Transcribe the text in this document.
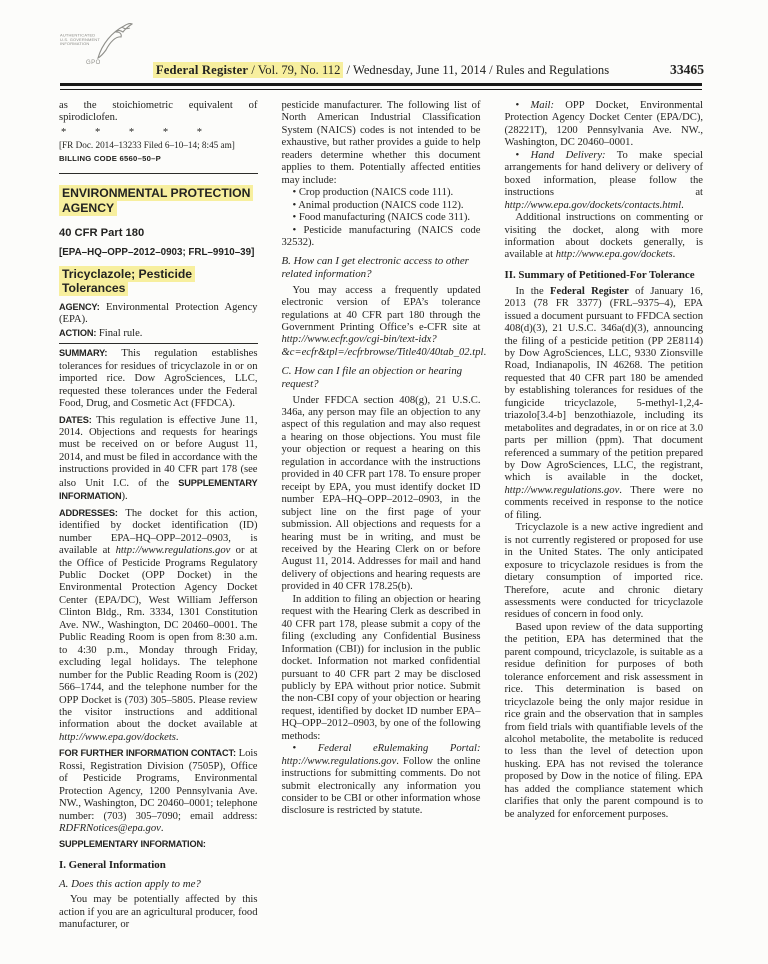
AUTHENTICATED
U.S. GOVERNMENT
INFORMATION
GPO	Federal Register / Vol. 79, No. 112 / Wednesday, June 11, 2014 / Rules and Regulations	33465

as the stoichiometric equivalent of spirodiclofen.

* * * * *

[FR Doc. 2014–13233 Filed 6–10–14; 8:45 am]

BILLING CODE 6560–50–P

ENVIRONMENTAL PROTECTION AGENCY
40 CFR Part 180

[EPA–HQ–OPP–2012–0903; FRL–9910–39]

Tricyclazole; Pesticide Tolerances

AGENCY: Environmental Protection Agency (EPA).

ACTION: Final rule.

SUMMARY: This regulation establishes tolerances for residues of tricyclazole in or on imported rice. Dow AgroSciences, LLC, requested these tolerances under the Federal Food, Drug, and Cosmetic Act (FFDCA).

DATES: This regulation is effective June 11, 2014. Objections and requests for hearings must be received on or before August 11, 2014, and must be filed in accordance with the instructions provided in 40 CFR part 178 (see also Unit I.C. of the SUPPLEMENTARY INFORMATION).

ADDRESSES: The docket for this action, identified by docket identification (ID) number EPA–HQ–OPP–2012–0903, is available at http://www.regulations.gov or at the Office of Pesticide Programs Regulatory Public Docket (OPP Docket) in the Environmental Protection Agency Docket Center (EPA/DC), West William Jefferson Clinton Bldg., Rm. 3334, 1301 Constitution Ave. NW., Washington, DC 20460–0001. The Public Reading Room is open from 8:30 a.m. to 4:30 p.m., Monday through Friday, excluding legal holidays. The telephone number for the Public Reading Room is (202) 566–1744, and the telephone number for the OPP Docket is (703) 305–5805. Please review the visitor instructions and additional information about the docket available at http://www.epa.gov/dockets.

FOR FURTHER INFORMATION CONTACT: Lois Rossi, Registration Division (7505P), Office of Pesticide Programs, Environmental Protection Agency, 1200 Pennsylvania Ave. NW., Washington, DC 20460–0001; telephone number: (703) 305–7090; email address: RDFRNotices@epa.gov.

SUPPLEMENTARY INFORMATION:

I. General Information
A. Does this action apply to me?

You may be potentially affected by this action if you are an agricultural producer, food manufacturer, or

pesticide manufacturer. The following list of North American Industrial Classification System (NAICS) codes is not intended to be exhaustive, but rather provides a guide to help readers determine whether this document applies to them. Potentially affected entities may include:

• Crop production (NAICS code 111).

• Animal production (NAICS code 112).

• Food manufacturing (NAICS code 311).

• Pesticide manufacturing (NAICS code 32532).

B. How can I get electronic access to other related information?

You may access a frequently updated electronic version of EPA’s tolerance regulations at 40 CFR part 180 through the Government Printing Office’s e-CFR site at http://www.ecfr.gov/cgi-bin/text-idx?&c=ecfr&tpl=/ecfrbrowse/Title40/40tab_02.tpl.

C. How can I file an objection or hearing request?

Under FFDCA section 408(g), 21 U.S.C. 346a, any person may file an objection to any aspect of this regulation and may also request a hearing on those objections. You must file your objection or request a hearing on this regulation in accordance with the instructions provided in 40 CFR part 178. To ensure proper receipt by EPA, you must identify docket ID number EPA–HQ–OPP–2012–0903, in the subject line on the first page of your submission. All objections and requests for a hearing must be in writing, and must be received by the Hearing Clerk on or before August 11, 2014. Addresses for mail and hand delivery of objections and hearing requests are provided in 40 CFR 178.25(b).

In addition to filing an objection or hearing request with the Hearing Clerk as described in 40 CFR part 178, please submit a copy of the filing (excluding any Confidential Business Information (CBI)) for inclusion in the public docket. Information not marked confidential pursuant to 40 CFR part 2 may be disclosed publicly by EPA without prior notice. Submit the non-CBI copy of your objection or hearing request, identified by docket ID number EPA–HQ–OPP–2012–0903, by one of the following methods:

• Federal eRulemaking Portal: http://www.regulations.gov. Follow the online instructions for submitting comments. Do not submit electronically any information you consider to be CBI or other information whose disclosure is restricted by statute.

• Mail: OPP Docket, Environmental Protection Agency Docket Center (EPA/DC), (28221T), 1200 Pennsylvania Ave. NW., Washington, DC 20460–0001.

• Hand Delivery: To make special arrangements for hand delivery or delivery of boxed information, please follow the instructions at http://www.epa.gov/dockets/contacts.html.

Additional instructions on commenting or visiting the docket, along with more information about dockets generally, is available at http://www.epa.gov/dockets.

II. Summary of Petitioned-For Tolerance

In the Federal Register of January 16, 2013 (78 FR 3377) (FRL–9375–4), EPA issued a document pursuant to FFDCA section 408(d)(3), 21 U.S.C. 346a(d)(3), announcing the filing of a pesticide petition (PP 2E8114) by Dow AgroSciences, LLC, 9330 Zionsville Road, Indianapolis, IN 46268. The petition requested that 40 CFR part 180 be amended by establishing tolerances for residues of the fungicide tricyclazole, 5-methyl-1,2,4-triazolo[3.4-b] benzothiazole, including its metabolites and degradates, in or on rice at 3.0 parts per million (ppm). That document referenced a summary of the petition prepared by Dow AgroSciences, LLC, the registrant, which is available in the docket, http://www.regulations.gov. There were no comments received in response to the notice of filing.

Tricyclazole is a new active ingredient and is not currently registered or proposed for use in the United States. The only anticipated exposure to tricyclazole residues is from the dietary consumption of imported rice. Therefore, acute and chronic dietary assessments were conducted for tricyclazole residues of concern in food only.

Based upon review of the data supporting the petition, EPA has determined that the parent compound, tricyclazole, is suitable as a residue definition for purposes of both tolerance enforcement and risk assessment in rice. This determination is based on tricyclazole being the only major residue in rice grain and the observation that in samples from field trials with quantifiable levels of the alcohol metabolite, the metabolite is reduced to less than the level of detection upon husking. EPA has not revised the tolerance proposed by Dow in the notice of filing. EPA has added the compliance statement which clarifies that only the parent compound is to be analyzed for enforcement purposes.
